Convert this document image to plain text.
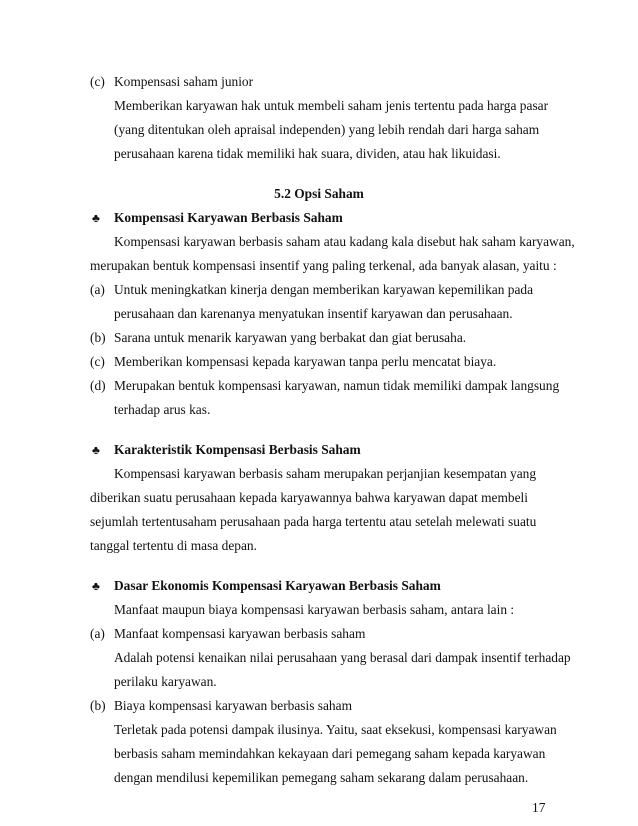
(c) Kompensasi saham junior
Memberikan karyawan hak untuk membeli saham jenis tertentu pada harga pasar
(yang ditentukan oleh apraisal independen) yang lebih rendah dari harga saham
perusahaan karena tidak memiliki hak suara, dividen, atau hak likuidasi.
5.2 Opsi Saham
♣ Kompensasi Karyawan Berbasis Saham
Kompensasi karyawan berbasis saham atau kadang kala disebut hak saham karyawan,
merupakan bentuk kompensasi insentif yang paling terkenal, ada banyak alasan, yaitu :
(a) Untuk meningkatkan kinerja dengan memberikan karyawan kepemilikan pada
perusahaan dan karenanya menyatukan insentif karyawan dan perusahaan.
(b) Sarana untuk menarik karyawan yang berbakat dan giat berusaha.
(c) Memberikan kompensasi kepada karyawan tanpa perlu mencatat biaya.
(d) Merupakan bentuk kompensasi karyawan, namun tidak memiliki dampak langsung
terhadap arus kas.
♣ Karakteristik Kompensasi Berbasis Saham
Kompensasi karyawan berbasis saham merupakan perjanjian kesempatan yang
diberikan suatu perusahaan kepada karyawannya bahwa karyawan dapat membeli
sejumlah tertentusaham perusahaan pada harga tertentu atau setelah melewati suatu
tanggal tertentu di masa depan.
♣ Dasar Ekonomis Kompensasi Karyawan Berbasis Saham
Manfaat maupun biaya kompensasi karyawan berbasis saham, antara lain :
(a) Manfaat kompensasi karyawan berbasis saham
Adalah potensi kenaikan nilai perusahaan yang berasal dari dampak insentif terhadap
perilaku karyawan.
(b) Biaya kompensasi karyawan berbasis saham
Terletak pada potensi dampak ilusinya. Yaitu, saat eksekusi, kompensasi karyawan
berbasis saham memindahkan kekayaan dari pemegang saham kepada karyawan
dengan mendilusi kepemilikan pemegang saham sekarang dalam perusahaan.
17
